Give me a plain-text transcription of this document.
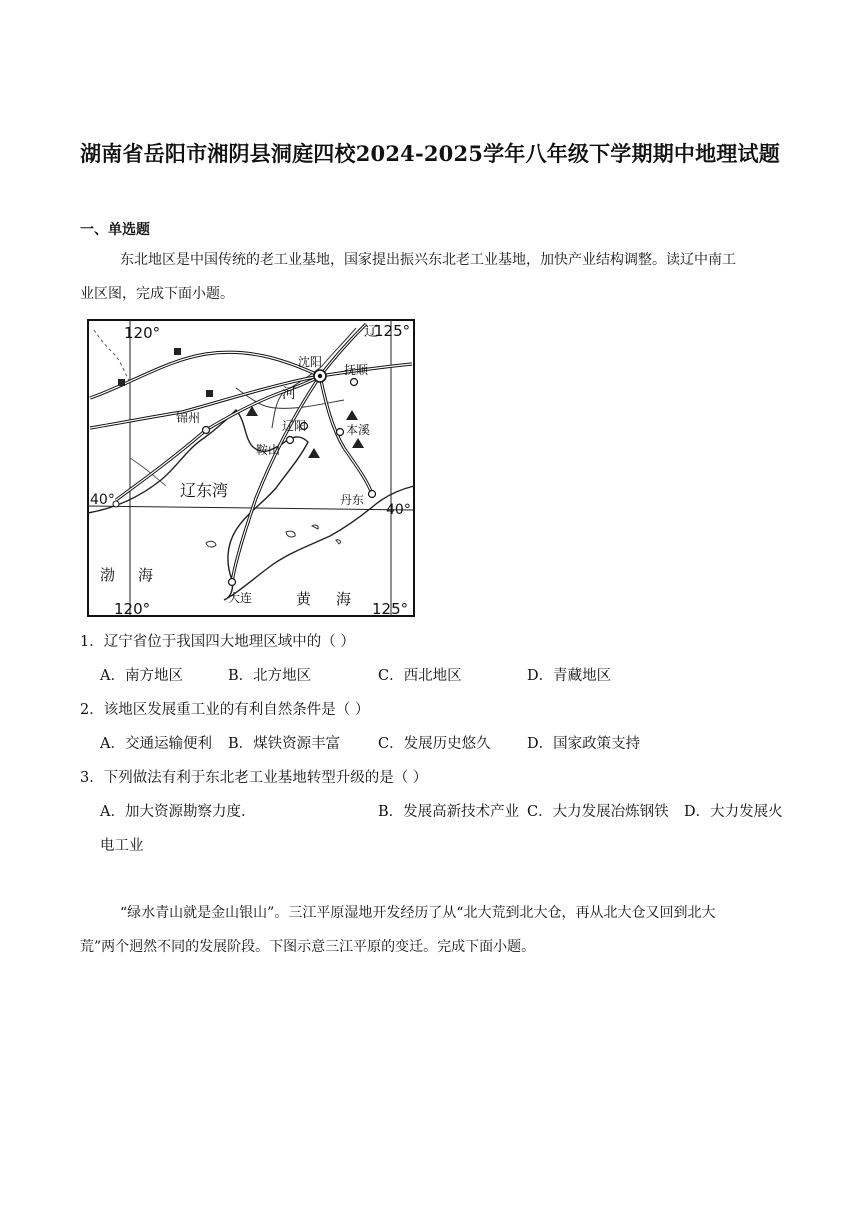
湖南省岳阳市湘阴县洞庭四校2024-2025学年八年级下学期期中地理试题
一、单选题
东北地区是中国传统的老工业基地，国家提出振兴东北老工业基地，加快产业结构调整。读辽中南工
业区图，完成下面小题。
120°	125°
120°	125°
40°
40°
沈阳
抚顺
锦州
辽阳
鞍山
本溪
丹东
大连
辽
河
辽东湾
渤 海
黄 海
1．辽宁省位于我国四大地理区域中的（ ）
A．南方地区	B．北方地区	C．西北地区	D．青藏地区
2．该地区发展重工业的有利自然条件是（ ）
A．交通运输便利 B．煤铁资源丰富	C．发展历史悠久	D．国家政策支持
3．下列做法有利于东北老工业基地转型升级的是（ ）
A．加大资源勘察力度.	B．发展高新技术产业 C．大力发展冶炼钢铁 D．大力发展火
电工业
“绿水青山就是金山银山”。三江平原湿地开发经历了从“北大荒到北大仓，再从北大仓又回到北大
荒”两个迥然不同的发展阶段。下图示意三江平原的变迁。完成下面小题。
